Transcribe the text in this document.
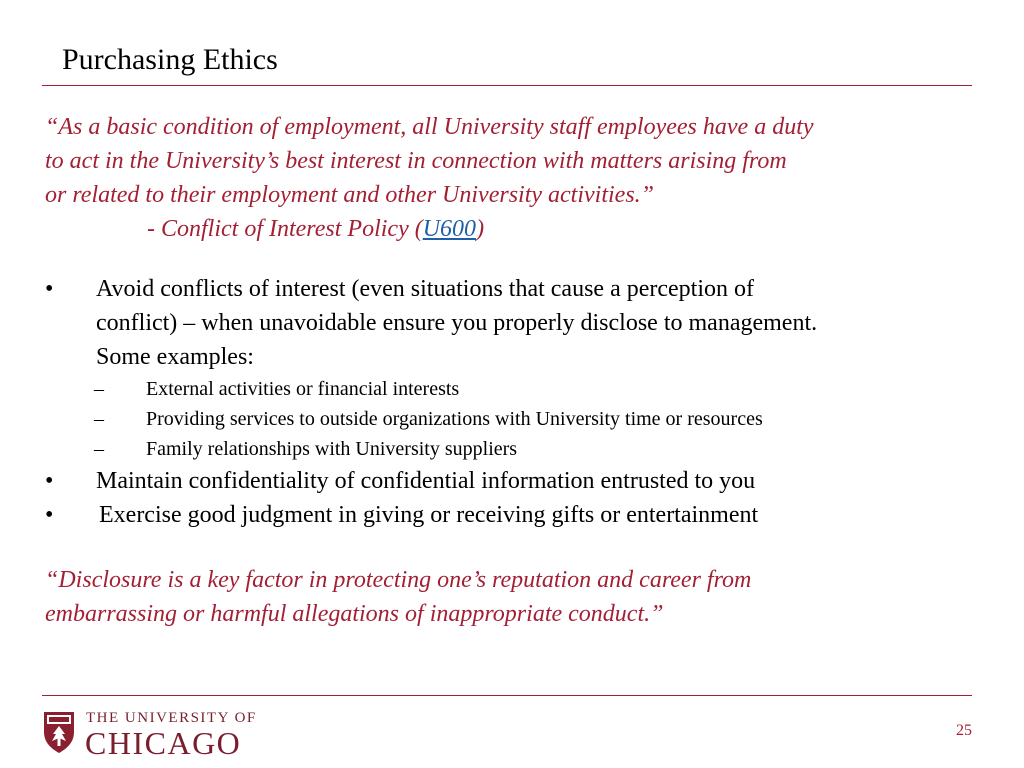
Purchasing Ethics
“As a basic condition of employment, all University staff employees have a duty
to act in the University’s best interest in connection with matters arising from
or related to their employment and other University activities.”
- Conflict of Interest Policy (U600)
• Avoid conflicts of interest (even situations that cause a perception of
conflict) – when unavoidable ensure you properly disclose to management.
Some examples:
– External activities or financial interests
– Providing services to outside organizations with University time or resources
– Family relationships with University suppliers
• Maintain confidentiality of confidential information entrusted to you
• Exercise good judgment in giving or receiving gifts or entertainment
“Disclosure is a key factor in protecting one’s reputation and career from
embarrassing or harmful allegations of inappropriate conduct.”
THE UNIVERSITY OF
CHICAGO	25
